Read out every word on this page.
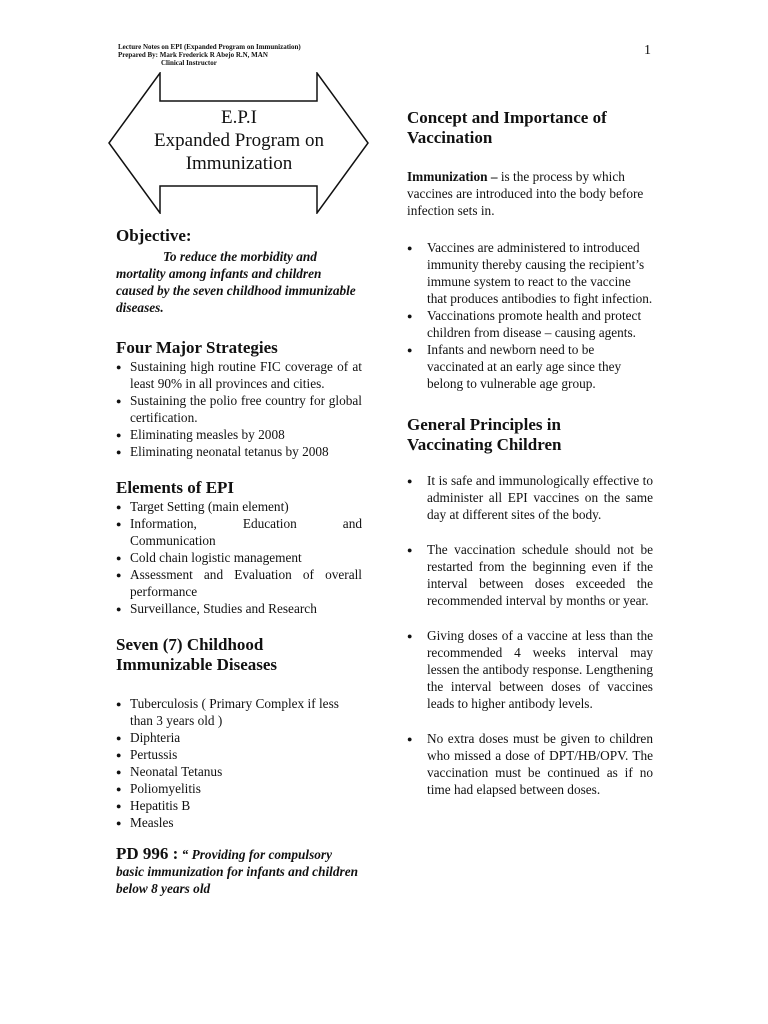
Lecture Notes on EPI (Expanded Program on Immunization)
Prepared By: Mark Frederick R Abejo R.N, MAN
Clinical Instructor
1
E.P.I
Expanded Program on
Immunization
Objective:

To reduce the morbidity and mortality among infants and children caused by the seven childhood immunizable diseases.

Four Major Strategies
● Sustaining high routine FIC coverage of at least 90% in all provinces and cities.
● Sustaining the polio free country for global certification.
● Eliminating measles by 2008
● Eliminating neonatal tetanus by 2008
Elements of EPI
● Target Setting (main element)
● Information, Education and Communication
● Cold chain logistic management
● Assessment and Evaluation of overall performance
● Surveillance, Studies and Research
Seven (7) Childhood
Immunizable Diseases
● Tuberculosis ( Primary Complex if less than 3 years old )
● Diphteria
● Pertussis
● Neonatal Tetanus
● Poliomyelitis
● Hepatitis B
● Measles

PD 996 : “ Providing for compulsory basic immunization for infants and children below 8 years old

Concept and Importance of
Vaccination

Immunization – is the process by which vaccines are introduced into the body before infection sets in.

● Vaccines are administered to introduced immunity thereby causing the recipient’s immune system to react to the vaccine that produces antibodies to fight infection.
● Vaccinations promote health and protect children from disease – causing agents.
● Infants and newborn need to be vaccinated at an early age since they belong to vulnerable age group.
General Principles in
Vaccinating Children
● It is safe and immunologically effective to administer all EPI vaccines on the same day at different sites of the body.
● The vaccination schedule should not be restarted from the beginning even if the interval between doses exceeded the recommended interval by months or year.
● Giving doses of a vaccine at less than the recommended 4 weeks interval may lessen the antibody response. Lengthening the interval between doses of vaccines leads to higher antibody levels.
● No extra doses must be given to children who missed a dose of DPT/HB/OPV. The vaccination must be continued as if no time had elapsed between doses.
